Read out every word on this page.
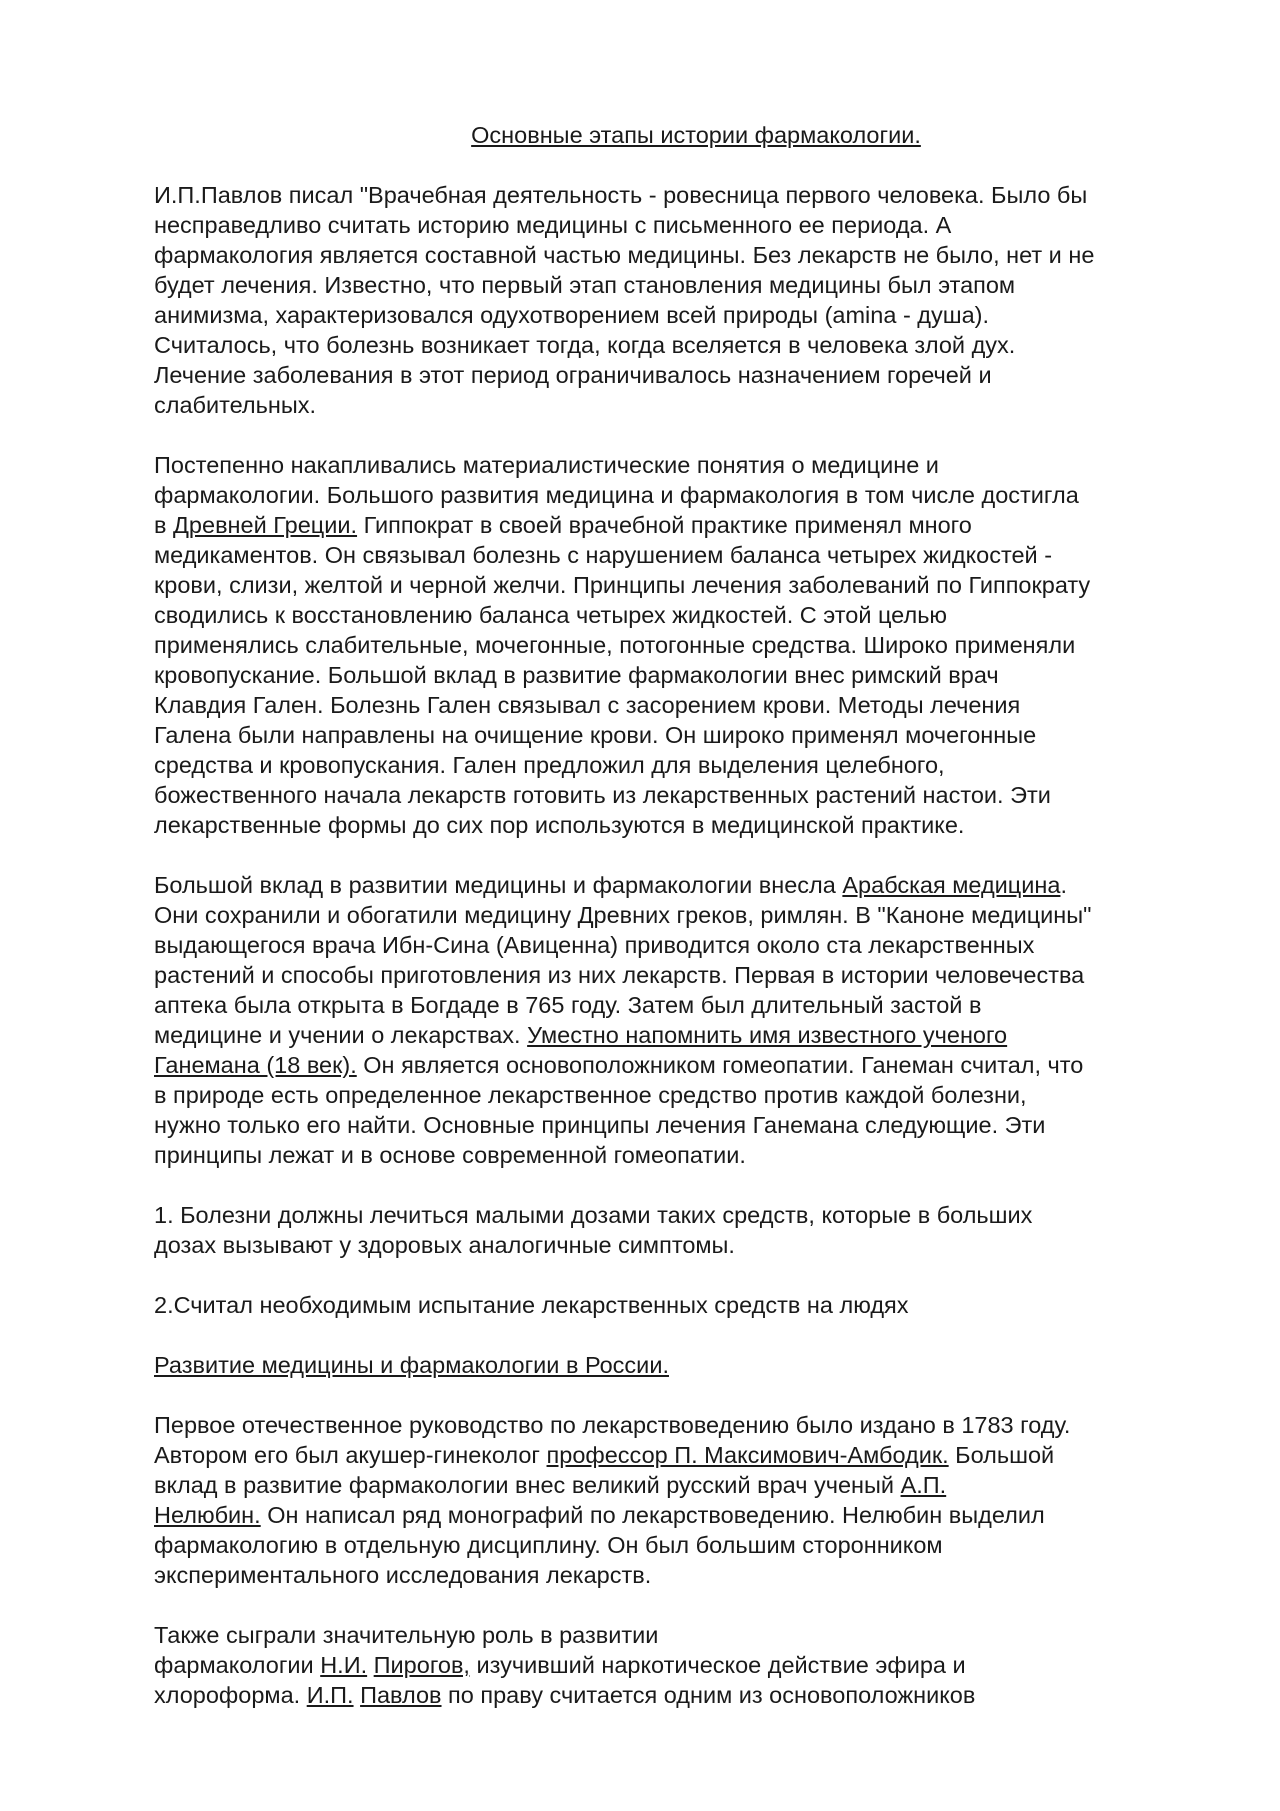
Основные этапы истории фармакологии.
И.П.Павлов писал "Врачебная деятельность - ровесница первого человека. Было бы
несправедливо считать историю медицины с письменного ее периода. А
фармакология является составной частью медицины. Без лекарств не было, нет и не
будет лечения. Известно, что первый этап становления медицины был этапом
анимизма, характеризовался одухотворением всей природы (amina - душа).
Считалось, что болезнь возникает тогда, когда вселяется в человека злой дух.
Лечение заболевания в этот период ограничивалось назначением горечей и
слабительных.
Постепенно накапливались материалистические понятия о медицине и
фармакологии. Большого развития медицина и фармакология в том числе достигла
в Древней Греции. Гиппократ в своей врачебной практике применял много
медикаментов. Он связывал болезнь с нарушением баланса четырех жидкостей -
крови, слизи, желтой и черной желчи. Принципы лечения заболеваний по Гиппократу
сводились к восстановлению баланса четырех жидкостей. С этой целью
применялись слабительные, мочегонные, потогонные средства. Широко применяли
кровопускание. Большой вклад в развитие фармакологии внес римский врач
Клавдия Гален. Болезнь Гален связывал с засорением крови. Методы лечения
Галена были направлены на очищение крови. Он широко применял мочегонные
средства и кровопускания. Гален предложил для выделения целебного,
божественного начала лекарств готовить из лекарственных растений настои. Эти
лекарственные формы до сих пор используются в медицинской практике.
Большой вклад в развитии медицины и фармакологии внесла Арабская медицина.
Они сохранили и обогатили медицину Древних греков, римлян. В "Каноне медицины"
выдающегося врача Ибн-Сина (Авиценна) приводится около ста лекарственных
растений и способы приготовления из них лекарств. Первая в истории человечества
аптека была открыта в Богдаде в 765 году. Затем был длительный застой в
медицине и учении о лекарствах. Уместно напомнить имя известного ученого
Ганемана (18 век). Он является основоположником гомеопатии. Ганеман считал, что
в природе есть определенное лекарственное средство против каждой болезни,
нужно только его найти. Основные принципы лечения Ганемана следующие. Эти
принципы лежат и в основе современной гомеопатии.
1. Болезни должны лечиться малыми дозами таких средств, которые в больших
дозах вызывают у здоровых аналогичные симптомы.
2.Считал необходимым испытание лекарственных средств на людях
Развитие медицины и фармакологии в России.
Первое отечественное руководство по лекарствоведению было издано в 1783 году.
Автором его был акушер-гинеколог профессор П. Максимович-Амбодик. Большой
вклад в развитие фармакологии внес великий русский врач ученый А.П.
Нелюбин. Он написал ряд монографий по лекарствоведению. Нелюбин выделил
фармакологию в отдельную дисциплину. Он был большим сторонником
экспериментального исследования лекарств.
Также сыграли значительную роль в развитии
фармакологии Н.И. Пирогов, изучивший наркотическое действие эфира и
хлороформа. И.П. Павлов по праву считается одним из основоположников
